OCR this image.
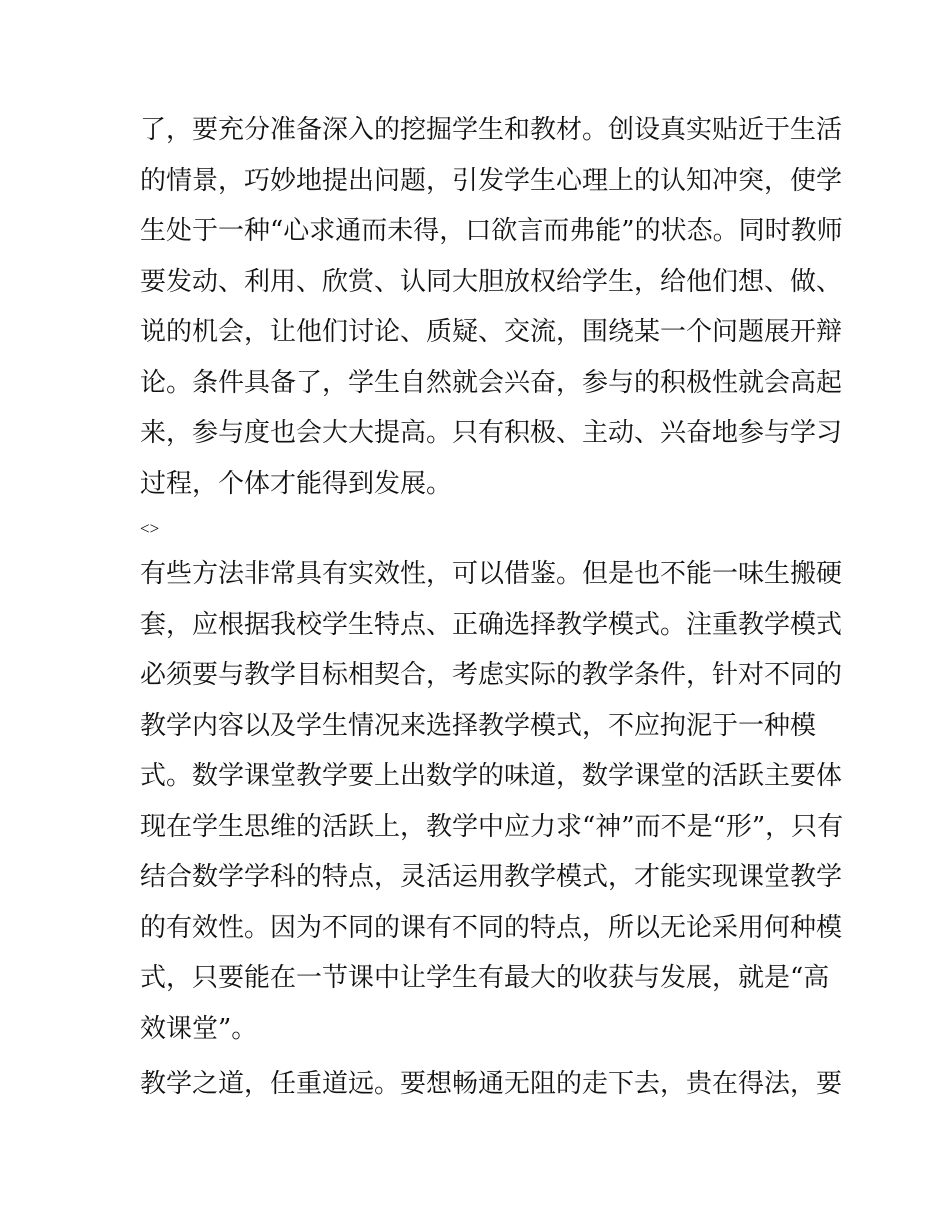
了，要充分准备深入的挖掘学生和教材。创设真实贴近于生活
的情景，巧妙地提出问题，引发学生心理上的认知冲突，使学
生处于一种“心求通而未得，口欲言而弗能”的状态。同时教师
要发动、利用、欣赏、认同大胆放权给学生，给他们想、做、
说的机会，让他们讨论、质疑、交流，围绕某一个问题展开辩
论。条件具备了，学生自然就会兴奋，参与的积极性就会高起
来，参与度也会大大提高。只有积极、主动、兴奋地参与学习
过程，个体才能得到发展。
<>
有些方法非常具有实效性，可以借鉴。但是也不能一味生搬硬
套，应根据我校学生特点、正确选择教学模式。注重教学模式
必须要与教学目标相契合，考虑实际的教学条件，针对不同的
教学内容以及学生情况来选择教学模式，不应拘泥于一种模
式。数学课堂教学要上出数学的味道，数学课堂的活跃主要体
现在学生思维的活跃上，教学中应力求“神”而不是“形”，只有
结合数学学科的特点，灵活运用教学模式，才能实现课堂教学
的有效性。因为不同的课有不同的特点，所以无论采用何种模
式，只要能在一节课中让学生有最大的收获与发展，就是“高
效课堂”。
教学之道，任重道远。要想畅通无阻的走下去，贵在得法，要
